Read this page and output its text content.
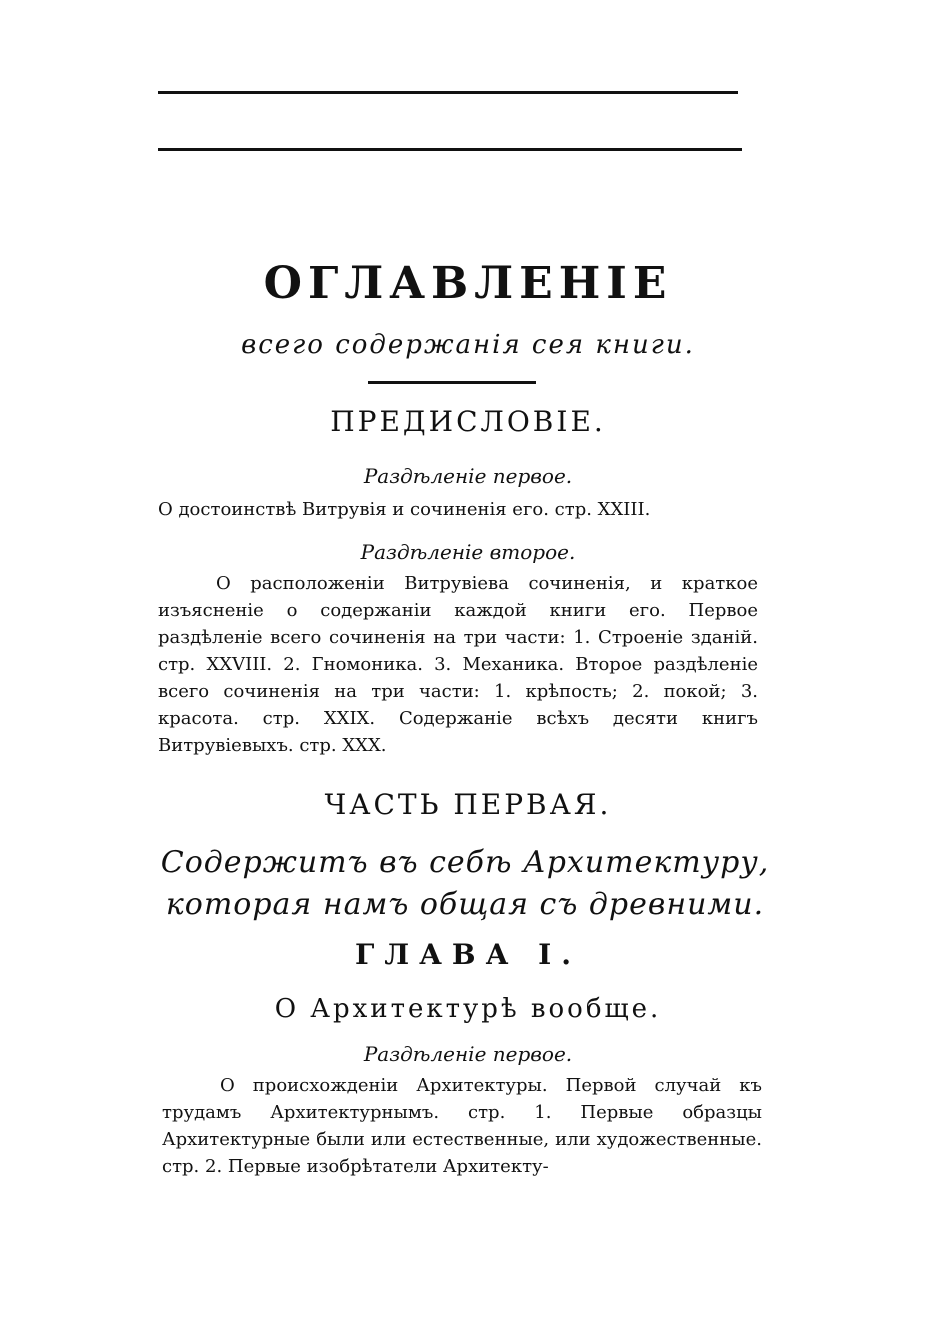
ОГЛАВЛЕНІЕ
всего содержанія сея книги.
ПРЕДИСЛОВІЕ.
Раздѣленіе первое.
О достоинствѣ Витрувія и сочиненія его. стр. XXIII.
Раздѣленіе второе.
О расположеніи Витрувіева сочиненія, и краткое изъясненіе о содержаніи каждой книги его. Первое раздѣленіе всего сочиненія на три части: 1. Строеніе зданій. стр. XXVIII. 2. Гномоника. 3. Механика. Второе раздѣленіе всего сочиненія на три части: 1. крѣпость; 2. покой; 3. красота. стр. XXIX. Содержаніе всѣхъ десяти книгъ Витрувіевыхъ. стр. XXX.
ЧАСТЬ ПЕРВАЯ.
Содержитъ въ себѣ Архитектуру, которая намъ общая съ древними.
ГЛАВА I.
О Архитектурѣ вообще.
Раздѣленіе первое.
О происхожденіи Архитектуры. Первой случай къ трудамъ Архитектурнымъ. стр. 1. Первые образцы Архитектурные были или естественные, или художественные. стр. 2. Первые изобрѣтатели Архитекту-
